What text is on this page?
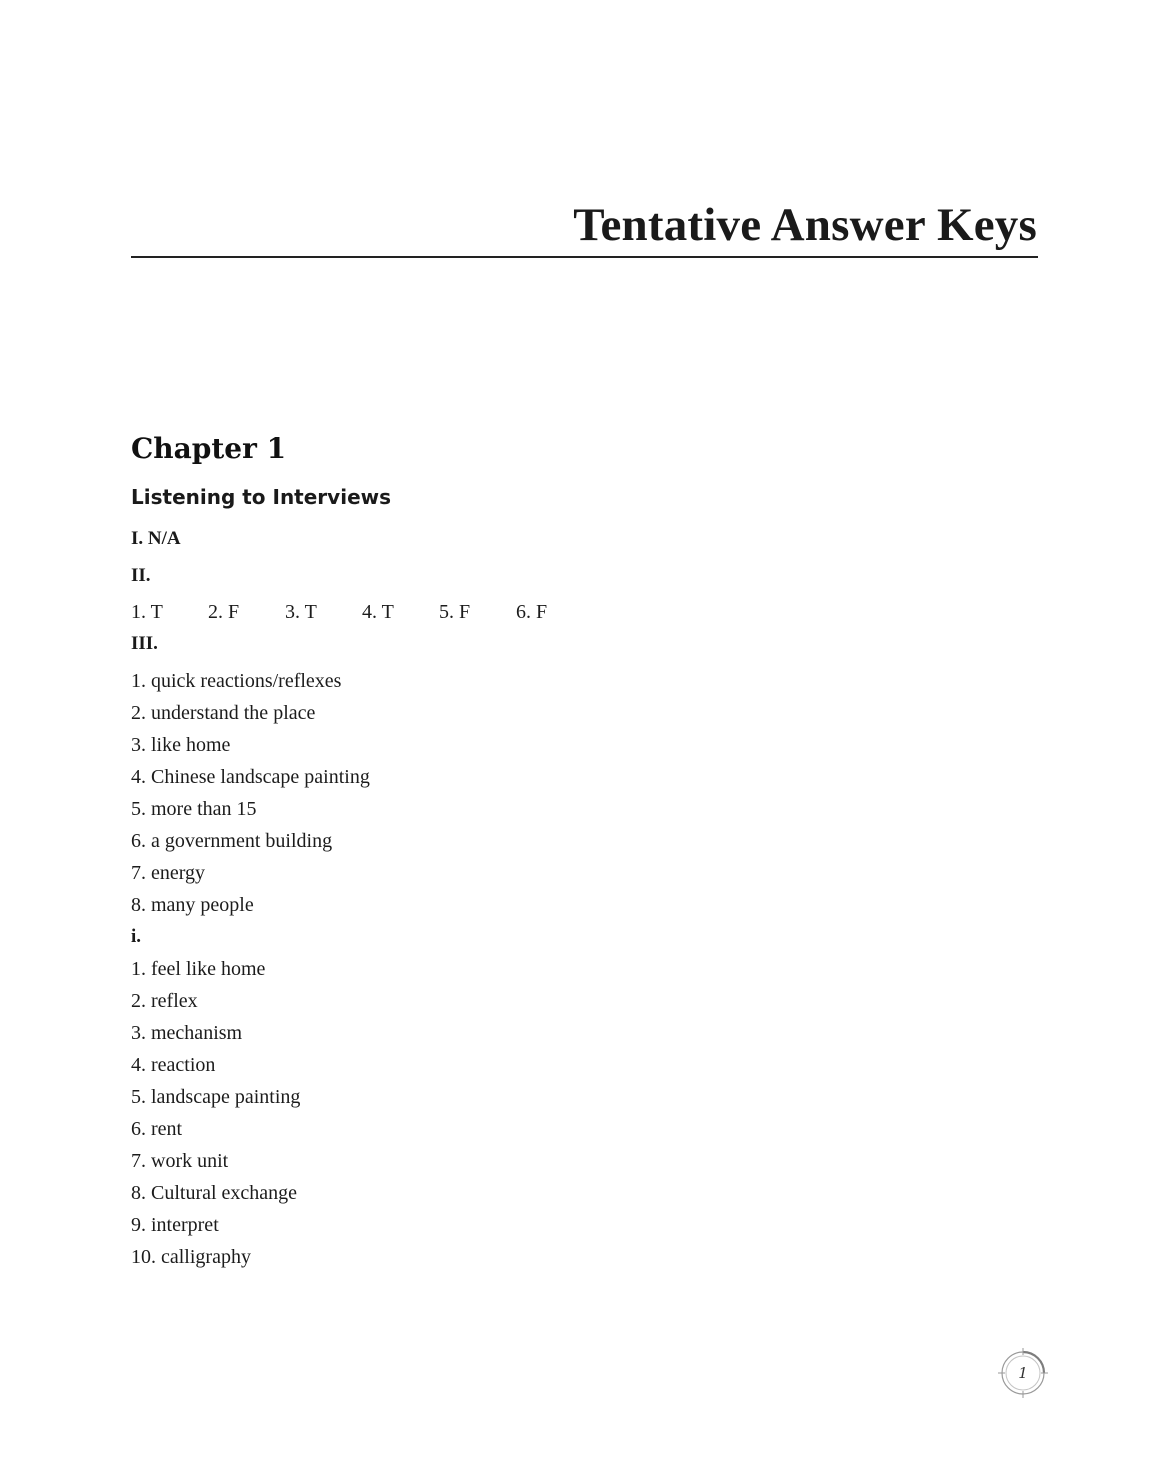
Tentative Answer Keys
Chapter 1
Listening to Interviews
I. N/A
II.
1. T	2. F	3. T	4. T	5. F	6. F
III.
1. quick reactions/reflexes
2. understand the place
3. like home
4. Chinese landscape painting
5. more than 15
6. a government building
7. energy
8. many people
i.
1. feel like home
2. reflex
3. mechanism
4. reaction
5. landscape painting
6. rent
7. work unit
8. Cultural exchange
9. interpret
10. calligraphy
1
